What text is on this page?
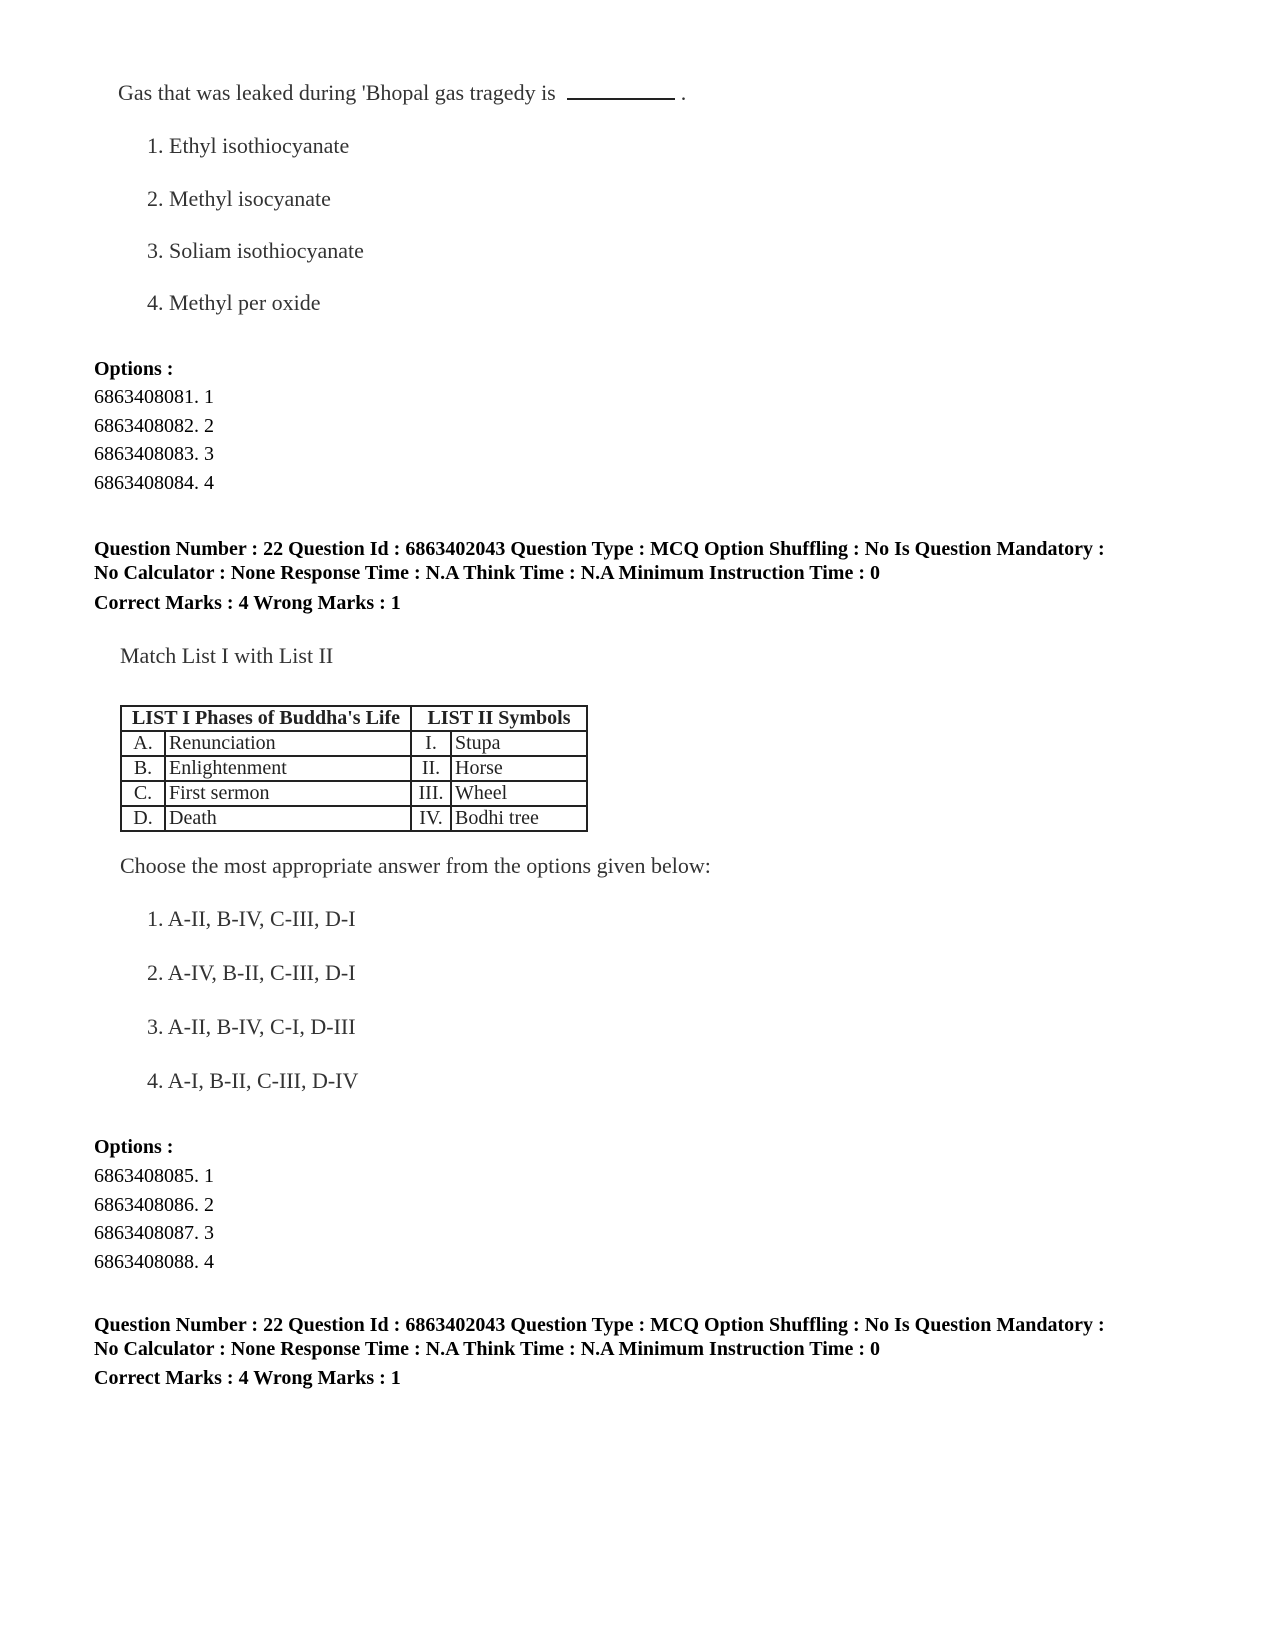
Gas that was leaked during 'Bhopal gas tragedy is	.
1. Ethyl isothiocyanate
2. Methyl isocyanate
3. Soliam isothiocyanate
4. Methyl per oxide
Options :
6863408081. 1
6863408082. 2
6863408083. 3
6863408084. 4
Question Number : 22 Question Id : 6863402043 Question Type : MCQ Option Shuffling : No Is Question Mandatory :
No Calculator : None Response Time : N.A Think Time : N.A Minimum Instruction Time : 0
Correct Marks : 4 Wrong Marks : 1
Match List I with List II
LIST I Phases of Buddha's Life		LIST II Symbols	
A.	Renunciation	I.	Stupa
B.	Enlightenment	II.	Horse
C.	First sermon	III.	Wheel
D.	Death	IV.	Bodhi tree
Choose the most appropriate answer from the options given below:
1. A-II, B-IV, C-III, D-I
2. A-IV, B-II, C-III, D-I
3. A-II, B-IV, C-I, D-III
4. A-I, B-II, C-III, D-IV
Options :
6863408085. 1
6863408086. 2
6863408087. 3
6863408088. 4
Question Number : 22 Question Id : 6863402043 Question Type : MCQ Option Shuffling : No Is Question Mandatory :
No Calculator : None Response Time : N.A Think Time : N.A Minimum Instruction Time : 0
Correct Marks : 4 Wrong Marks : 1
